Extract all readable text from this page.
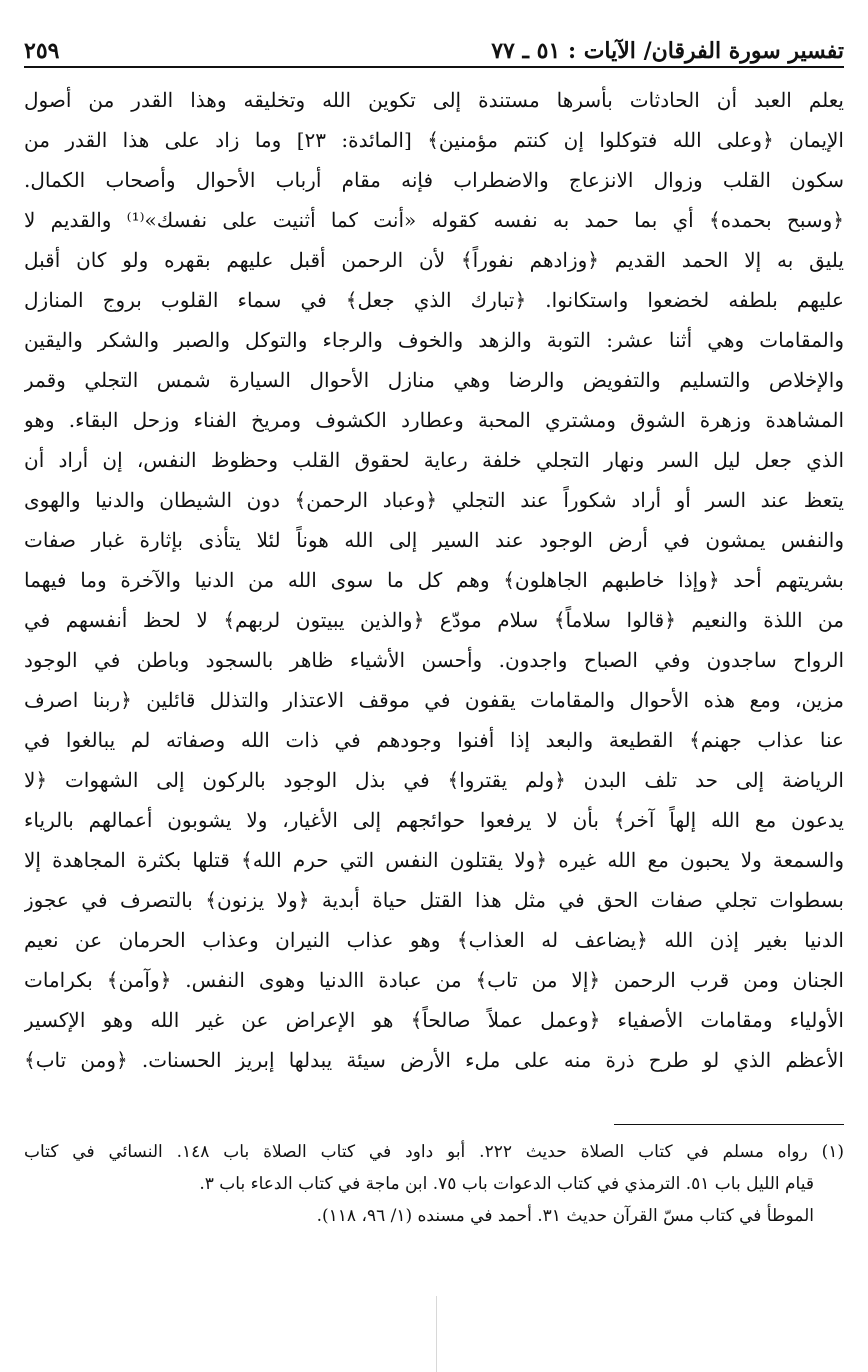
تفسير سورة الفرقان/ الآيات : ٥١ ـ ٧٧
٢٥٩
يعلم العبد أن الحادثات بأسرها مستندة إلى تكوين الله وتخليقه وهذا القدر من أصول
الإيمان ﴿وعلى الله فتوكلوا إن كنتم مؤمنين﴾ [المائدة: ٢٣] وما زاد على هذا القدر من
سكون القلب وزوال الانزعاج والاضطراب فإنه مقام أرباب الأحوال وأصحاب الكمال.
﴿وسبح بحمده﴾ أي بما حمد به نفسه كقوله «أنت كما أثنيت على نفسك»⁽¹⁾ والقديم لا
يليق به إلا الحمد القديم ﴿وزادهم نفوراً﴾ لأن الرحمن أقبل عليهم بقهره ولو كان أقبل
عليهم بلطفه لخضعوا واستكانوا. ﴿تبارك الذي جعل﴾ في سماء القلوب بروج المنازل
والمقامات وهي أثنا عشر: التوبة والزهد والخوف والرجاء والتوكل والصبر والشكر واليقين
والإخلاص والتسليم والتفويض والرضا وهي منازل الأحوال السيارة شمس التجلي وقمر
المشاهدة وزهرة الشوق ومشتري المحبة وعطارد الكشوف ومريخ الفناء وزحل البقاء. وهو
الذي جعل ليل السر ونهار التجلي خلفة رعاية لحقوق القلب وحظوظ النفس، إن أراد أن
يتعظ عند السر أو أراد شكوراً عند التجلي ﴿وعباد الرحمن﴾ دون الشيطان والدنيا والهوى
والنفس يمشون في أرض الوجود عند السير إلى الله هوناً لئلا يتأذى بإثارة غبار صفات
بشريتهم أحد ﴿وإذا خاطبهم الجاهلون﴾ وهم كل ما سوى الله من الدنيا والآخرة وما فيهما
من اللذة والنعيم ﴿قالوا سلاماً﴾ سلام مودّع ﴿والذين يبيتون لربهم﴾ لا لحظ أنفسهم في
الرواح ساجدون وفي الصباح واجدون. وأحسن الأشياء ظاهر بالسجود وباطن في الوجود
مزين، ومع هذه الأحوال والمقامات يقفون في موقف الاعتذار والتذلل قائلين ﴿ربنا اصرف
عنا عذاب جهنم﴾ القطيعة والبعد إذا أفنوا وجودهم في ذات الله وصفاته لم يبالغوا في
الرياضة إلى حد تلف البدن ﴿ولم يقتروا﴾ في بذل الوجود بالركون إلى الشهوات ﴿لا
يدعون مع الله إلهاً آخر﴾ بأن لا يرفعوا حوائجهم إلى الأغيار، ولا يشوبون أعمالهم بالرياء
والسمعة ولا يحبون مع الله غيره ﴿ولا يقتلون النفس التي حرم الله﴾ قتلها بكثرة المجاهدة إلا
بسطوات تجلي صفات الحق في مثل هذا القتل حياة أبدية ﴿ولا يزنون﴾ بالتصرف في عجوز
الدنيا بغير إذن الله ﴿يضاعف له العذاب﴾ وهو عذاب النيران وعذاب الحرمان عن نعيم
الجنان ومن قرب الرحمن ﴿إلا من تاب﴾ من عبادة االدنيا وهوى النفس. ﴿وآمن﴾ بكرامات
الأولياء ومقامات الأصفياء ﴿وعمل عملاً صالحاً﴾ هو الإعراض عن غير الله وهو الإكسير
الأعظم الذي لو طرح ذرة منه على ملء الأرض سيئة يبدلها إبريز الحسنات. ﴿ومن تاب﴾
(١) رواه مسلم في كتاب الصلاة حديث ٢٢٢. أبو داود في كتاب الصلاة باب ١٤٨. النسائي في كتاب
قيام الليل باب ٥١. الترمذي في كتاب الدعوات باب ٧٥. ابن ماجة في كتاب الدعاء باب ٣.
الموطأ في كتاب مسّ القرآن حديث ٣١. أحمد في مسنده (١/ ٩٦، ١١٨).
